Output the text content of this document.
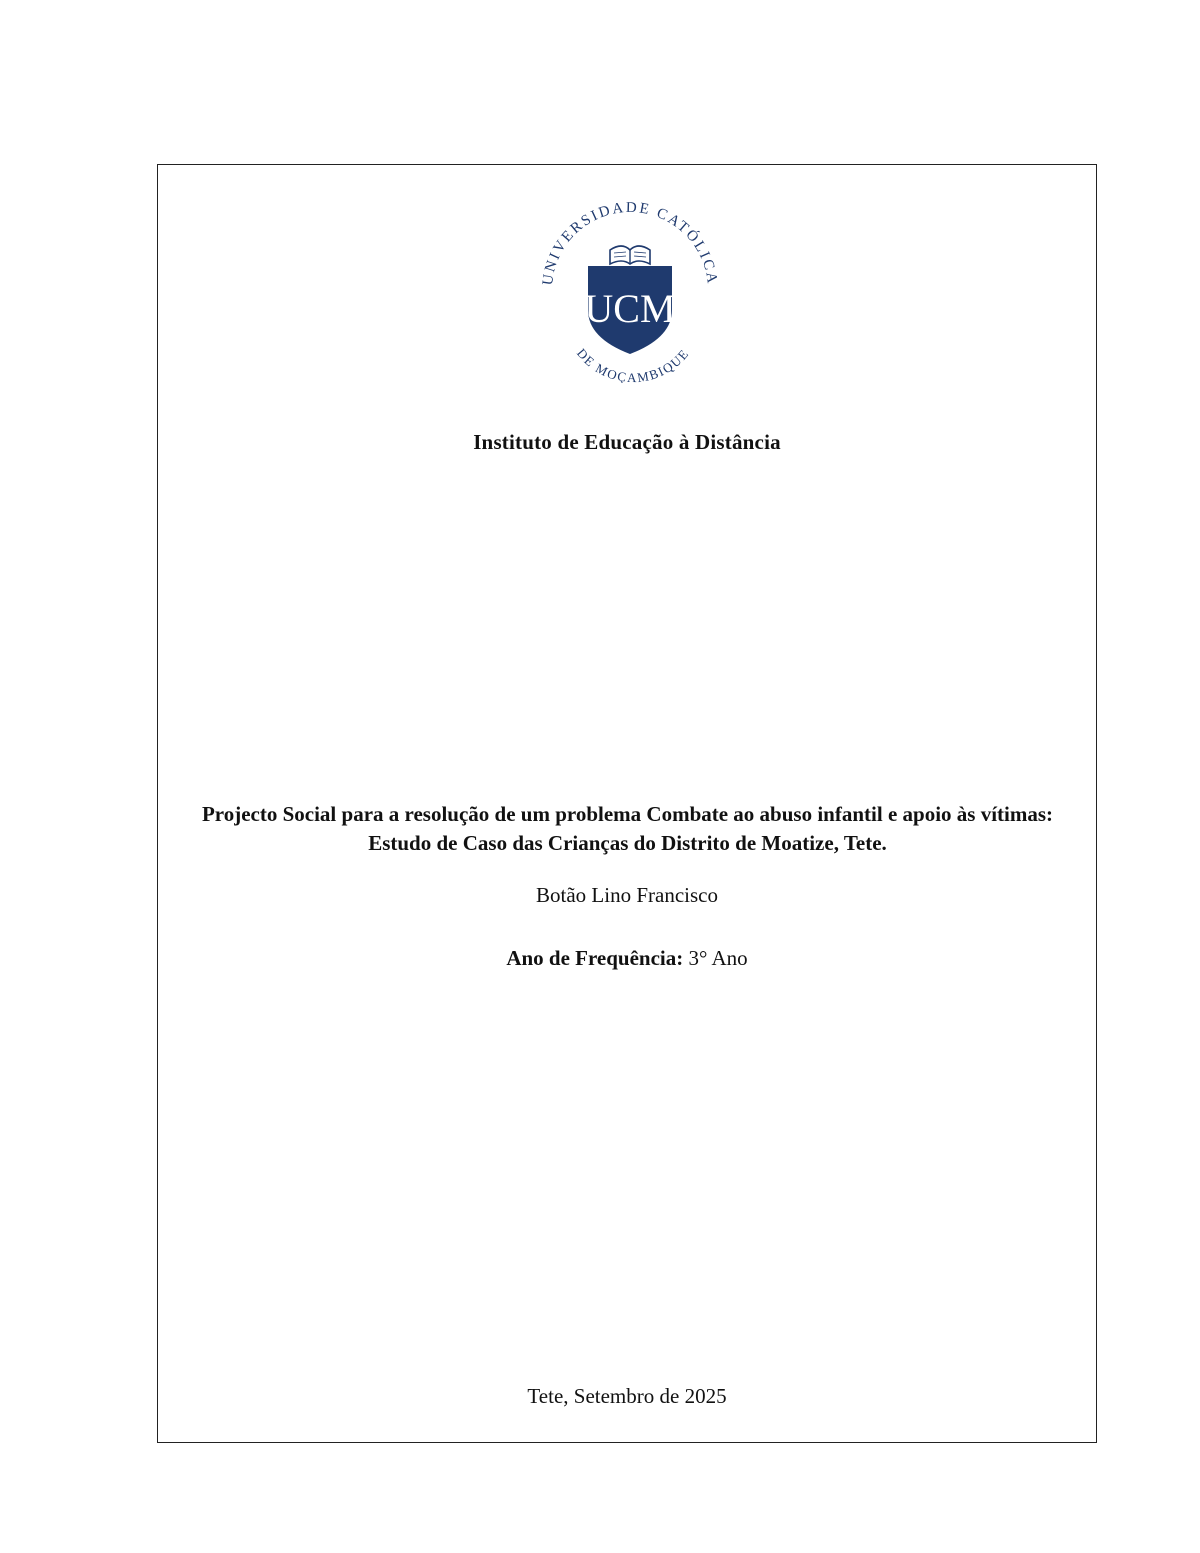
UNIVERSIDADE CATÓLICA
DE MOÇAMBIQUE
UCM
Instituto de Educação à Distância
Projecto Social para a resolução de um problema Combate ao abuso infantil e apoio às vítimas: Estudo de Caso das Crianças do Distrito de Moatize, Tete.
Botão Lino Francisco
Ano de Frequência: 3° Ano
Tete, Setembro de 2025
